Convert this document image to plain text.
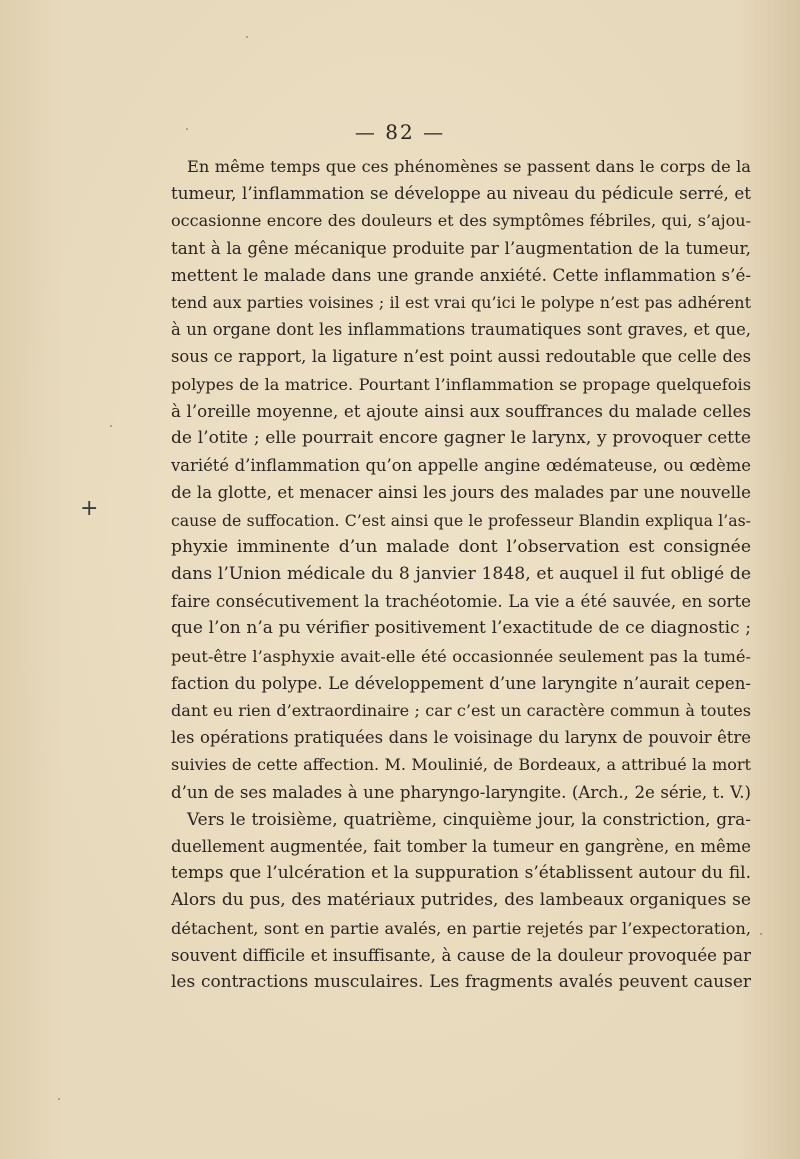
— 82 —
+
En même temps que ces phénomènes se passent dans le corps de la
tumeur, l’inflammation se développe au niveau du pédicule serré, et
occasionne encore des douleurs et des symptômes fébriles, qui, s’ajou-
tant à la gêne mécanique produite par l’augmentation de la tumeur,
mettent le malade dans une grande anxiété. Cette inflammation s’é-
tend aux parties voisines ; il est vrai qu’ici le polype n’est pas adhérent
à un organe dont les inflammations traumatiques sont graves, et que,
sous ce rapport, la ligature n’est point aussi redoutable que celle des
polypes de la matrice. Pourtant l’inflammation se propage quelquefois
à l’oreille moyenne, et ajoute ainsi aux souffrances du malade celles
de l’otite ; elle pourrait encore gagner le larynx, y provoquer cette
variété d’inflammation qu’on appelle angine œdémateuse, ou œdème
de la glotte, et menacer ainsi les jours des malades par une nouvelle
cause de suffocation. C’est ainsi que le professeur Blandin expliqua l’as-
phyxie imminente d’un malade dont l’observation est consignée
dans l’Union médicale du 8 janvier 1848, et auquel il fut obligé de
faire consécutivement la trachéotomie. La vie a été sauvée, en sorte
que l’on n’a pu vérifier positivement l’exactitude de ce diagnostic ;
peut-être l’asphyxie avait-elle été occasionnée seulement pas la tumé-
faction du polype. Le développement d’une laryngite n’aurait cepen-
dant eu rien d’extraordinaire ; car c’est un caractère commun à toutes
les opérations pratiquées dans le voisinage du larynx de pouvoir être
suivies de cette affection. M. Moulinié, de Bordeaux, a attribué la mort
d’un de ses malades à une pharyngo-laryngite. (Arch., 2e série, t. V.)
Vers le troisième, quatrième, cinquième jour, la constriction, gra-
duellement augmentée, fait tomber la tumeur en gangrène, en même
temps que l’ulcération et la suppuration s’établissent autour du fil.
Alors du pus, des matériaux putrides, des lambeaux organiques se
détachent, sont en partie avalés, en partie rejetés par l’expectoration,
souvent difficile et insuffisante, à cause de la douleur provoquée par
les contractions musculaires. Les fragments avalés peuvent causer
